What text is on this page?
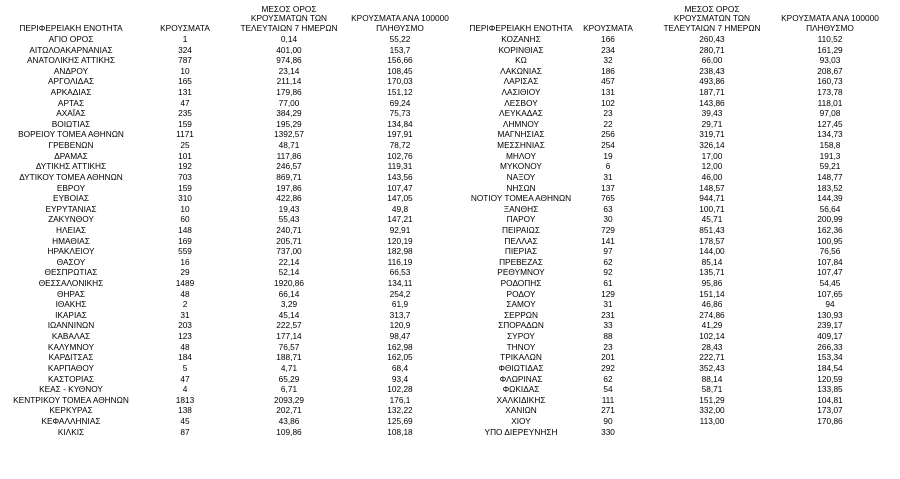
ΠΕΡΙΦΕΡΕΙΑΚΗ ΕΝΟΤΗΤΑ	ΚΡΟΥΣΜΑΤΑ
ΜΕΣΟΣ ΟΡΟΣ
ΚΡΟΥΣΜΑΤΩΝ ΤΩΝ
ΤΕΛΕΥΤΑΙΩΝ 7 ΗΜΕΡΩΝ
ΚΡΟΥΣΜΑΤΑ ΑΝΑ 100000
ΠΛΗΘΥΣΜΟ
ΑΓΙΟ ΟΡΟΣ	1	0,14	55,22
ΑΙΤΩΛΟΑΚΑΡΝΑΝΙΑΣ	324	401,00	153,7
ΑΝΑΤΟΛΙΚΗΣ ΑΤΤΙΚΗΣ	787	974,86	156,66
ΑΝΔΡΟΥ	10	23,14	108,45
ΑΡΓΟΛΙΔΑΣ	165	211,14	170,03
ΑΡΚΑΔΙΑΣ	131	179,86	151,12
ΑΡΤΑΣ	47	77,00	69,24
ΑΧΑΪΑΣ	235	384,29	75,73
ΒΟΙΩΤΙΑΣ	159	195,29	134,84
ΒΟΡΕΙΟΥ ΤΟΜΕΑ ΑΘΗΝΩΝ	1171	1392,57	197,91
ΓΡΕΒΕΝΩΝ	25	48,71	78,72
ΔΡΑΜΑΣ	101	117,86	102,76
ΔΥΤΙΚΗΣ ΑΤΤΙΚΗΣ	192	246,57	119,31
ΔΥΤΙΚΟΥ ΤΟΜΕΑ ΑΘΗΝΩΝ	703	869,71	143,56
ΕΒΡΟΥ	159	197,86	107,47
ΕΥΒΟΙΑΣ	310	422,86	147,05
ΕΥΡΥΤΑΝΙΑΣ	10	19,43	49,8
ΖΑΚΥΝΘΟΥ	60	55,43	147,21
ΗΛΕΙΑΣ	148	240,71	92,91
ΗΜΑΘΙΑΣ	169	205,71	120,19
ΗΡΑΚΛΕΙΟΥ	559	737,00	182,98
ΘΑΣΟΥ	16	22,14	116,19
ΘΕΣΠΡΩΤΙΑΣ	29	52,14	66,53
ΘΕΣΣΑΛΟΝΙΚΗΣ	1489	1920,86	134,11
ΘΗΡΑΣ	48	66,14	254,2
ΙΘΑΚΗΣ	2	3,29	61,9
ΙΚΑΡΙΑΣ	31	45,14	313,7
ΙΩΑΝΝΙΝΩΝ	203	222,57	120,9
ΚΑΒΑΛΑΣ	123	177,14	98,47
ΚΑΛΥΜΝΟΥ	48	76,57	162,98
ΚΑΡΔΙΤΣΑΣ	184	188,71	162,05
ΚΑΡΠΑΘΟΥ	5	4,71	68,4
ΚΑΣΤΟΡΙΑΣ	47	65,29	93,4
ΚΕΑΣ - ΚΥΘΝΟΥ	4	6,71	102,28
ΚΕΝΤΡΙΚΟΥ ΤΟΜΕΑ ΑΘΗΝΩΝ	1813	2093,29	176,1
ΚΕΡΚΥΡΑΣ	138	202,71	132,22
ΚΕΦΑΛΛΗΝΙΑΣ	45	43,86	125,69
ΚΙΛΚΙΣ	87	109,86	108,18
ΠΕΡΙΦΕΡΕΙΑΚΗ ΕΝΟΤΗΤΑ	ΚΡΟΥΣΜΑΤΑ
ΜΕΣΟΣ ΟΡΟΣ
ΚΡΟΥΣΜΑΤΩΝ ΤΩΝ
ΤΕΛΕΥΤΑΙΩΝ 7 ΗΜΕΡΩΝ
ΚΡΟΥΣΜΑΤΑ ΑΝΑ 100000
ΠΛΗΘΥΣΜΟ
ΚΟΖΑΝΗΣ	166	260,43	110,52
ΚΟΡΙΝΘΙΑΣ	234	280,71	161,29
ΚΩ	32	66,00	93,03
ΛΑΚΩΝΙΑΣ	186	238,43	208,67
ΛΑΡΙΣΑΣ	457	493,86	160,73
ΛΑΣΙΘΙΟΥ	131	187,71	173,78
ΛΕΣΒΟΥ	102	143,86	118,01
ΛΕΥΚΑΔΑΣ	23	39,43	97,08
ΛΗΜΝΟΥ	22	29,71	127,45
ΜΑΓΝΗΣΙΑΣ	256	319,71	134,73
ΜΕΣΣΗΝΙΑΣ	254	326,14	158,8
ΜΗΛΟΥ	19	17,00	191,3
ΜΥΚΟΝΟΥ	6	12,00	59,21
ΝΑΞΟΥ	31	46,00	148,77
ΝΗΣΩΝ	137	148,57	183,52
ΝΟΤΙΟΥ ΤΟΜΕΑ ΑΘΗΝΩΝ	765	944,71	144,39
ΞΑΝΘΗΣ	63	100,71	56,64
ΠΑΡΟΥ	30	45,71	200,99
ΠΕΙΡΑΙΩΣ	729	851,43	162,36
ΠΕΛΛΑΣ	141	178,57	100,95
ΠΙΕΡΙΑΣ	97	144,00	76,56
ΠΡΕΒΕΖΑΣ	62	85,14	107,84
ΡΕΘΥΜΝΟΥ	92	135,71	107,47
ΡΟΔΟΠΗΣ	61	95,86	54,45
ΡΟΔΟΥ	129	151,14	107,65
ΣΑΜΟΥ	31	46,86	94
ΣΕΡΡΩΝ	231	274,86	130,93
ΣΠΟΡΑΔΩΝ	33	41,29	239,17
ΣΥΡΟΥ	88	102,14	409,17
ΤΗΝΟΥ	23	28,43	266,33
ΤΡΙΚΑΛΩΝ	201	222,71	153,34
ΦΘΙΩΤΙΔΑΣ	292	352,43	184,54
ΦΛΩΡΙΝΑΣ	62	88,14	120,59
ΦΩΚΙΔΑΣ	54	58,71	133,85
ΧΑΛΚΙΔΙΚΗΣ	111	151,29	104,81
ΧΑΝΙΩΝ	271	332,00	173,07
ΧΙΟΥ	90	113,00	170,86
ΥΠΟ ΔΙΕΡΕΥΝΗΣΗ	330
